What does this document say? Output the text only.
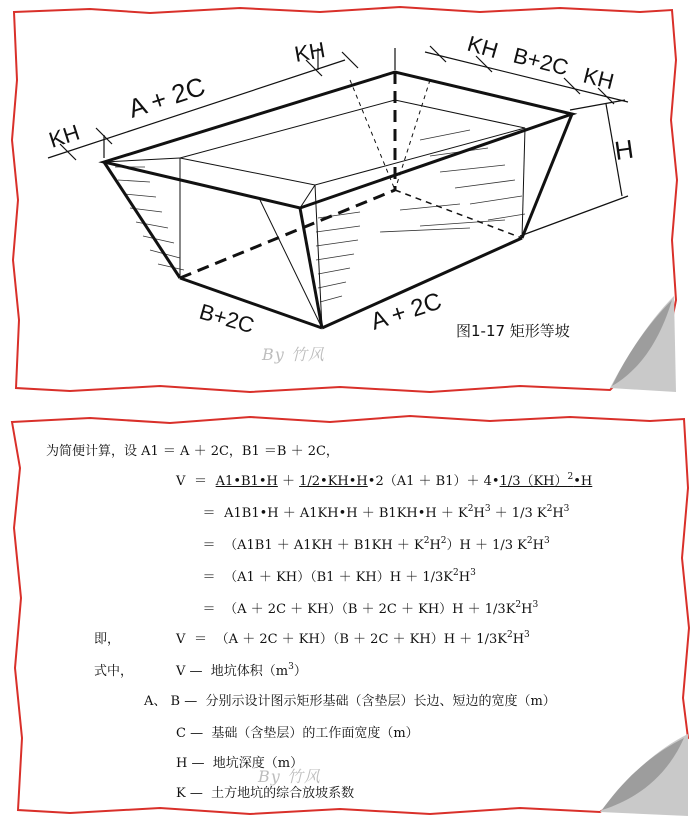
KH
A + 2C
KH	KH B+2C KH
H
B+2C	A + 2C 图1-17 矩形等坡
By 竹风
为简便计算，设 A1 ＝ A ＋ 2C，B1 ＝B ＋ 2C，
V ＝ A1•B1•H ＋ 1/2•KH•H•2（A1 ＋ B1）＋ 4•1/3（KH）$^2$•H
＝ A1B1•H ＋ A1KH•H ＋ B1KH•H ＋ $K^2H^3 + 1/3$ $K^2H^3$
＝ $(A1B1 + A1KH + B1KH + K^2H^2)H + 1/3$ $K^2H^3$
＝ $(A1 + KH)(B1 + KH)H + 1/3K^2H^3$
＝ $(A + 2C + KH)(B + 2C + KH)H + 1/3K^2H^3$
即，	$V = (A + 2C + KH)(B + 2C + KH)H + 1/3K^2H^3$
式中，	V — 地坑体积$(m^3)$
A、 B — 分别示设计图示矩形基础（含垫层）长边、短边的宽度（m）
C — 基础（含垫层）的工作面宽度（m）
H — 地坑深度（m）
K — 土方地坑的综合放坡系数
By 竹风
